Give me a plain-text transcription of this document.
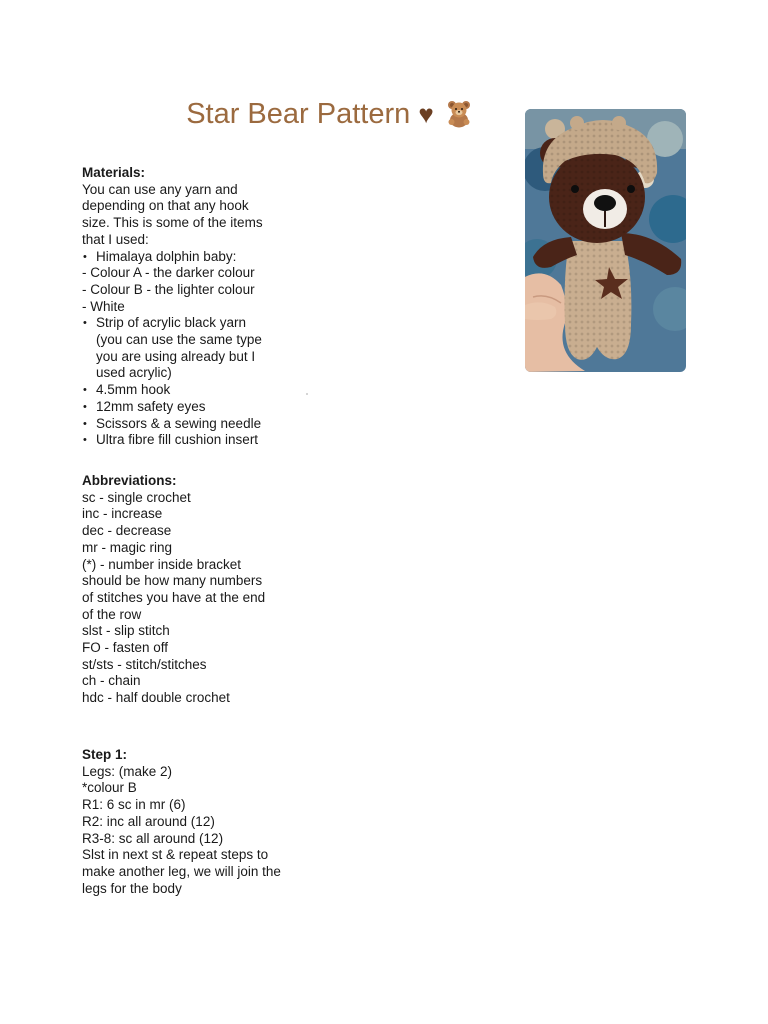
Star Bear Pattern ♥
Materials:
You can use any yarn and
depending on that any hook
size. This is some of the items
that I used:
• Himalaya dolphin baby:
- Colour A - the darker colour
- Colour B - the lighter colour
- White
• Strip of acrylic black yarn
(you can use the same type
you are using already but I
used acrylic)
• 4.5mm hook
• 12mm safety eyes
• Scissors & a sewing needle
• Ultra fibre fill cushion insert
Abbreviations:
sc - single crochet
inc - increase
dec - decrease
mr - magic ring
(*) - number inside bracket
should be how many numbers
of stitches you have at the end
of the row
slst - slip stitch
FO - fasten off
st/sts - stitch/stitches
ch - chain
hdc - half double crochet
Step 1:
Legs: (make 2)
*colour B
R1: 6 sc in mr (6)
R2: inc all around (12)
R3-8: sc all around (12)
Slst in next st & repeat steps to
make another leg, we will join the
legs for the body
